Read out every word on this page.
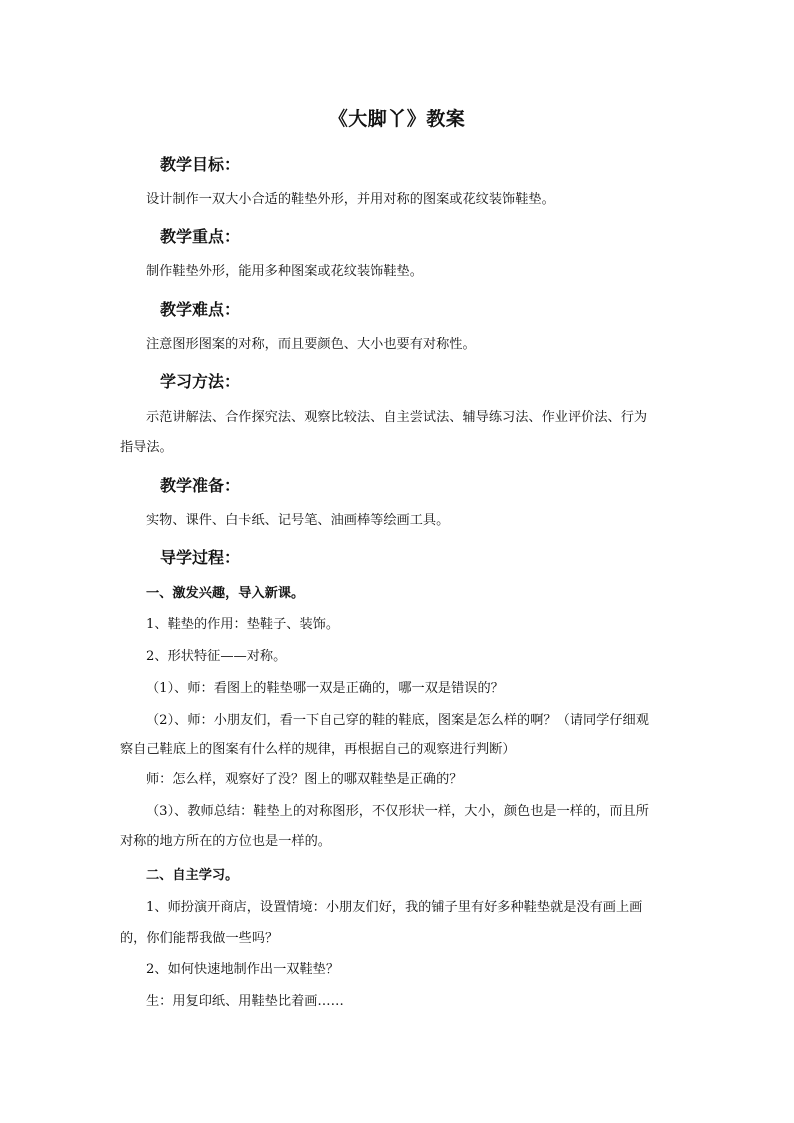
《大脚丫》教案
教学目标：
设计制作一双大小合适的鞋垫外形，并用对称的图案或花纹装饰鞋垫。
教学重点：
制作鞋垫外形，能用多种图案或花纹装饰鞋垫。
教学难点：
注意图形图案的对称，而且要颜色、大小也要有对称性。
学习方法：
示范讲解法、合作探究法、观察比较法、自主尝试法、辅导练习法、作业评价法、行为
指导法。
教学准备：
实物、课件、白卡纸、记号笔、油画棒等绘画工具。
导学过程：
一、激发兴趣，导入新课。
1、鞋垫的作用：垫鞋子、装饰。
2、形状特征——对称。
（1）、师：看图上的鞋垫哪一双是正确的，哪一双是错误的？
（2）、师：小朋友们，看一下自己穿的鞋的鞋底，图案是怎么样的啊？（请同学仔细观
察自己鞋底上的图案有什么样的规律，再根据自己的观察进行判断）
师：怎么样，观察好了没？图上的哪双鞋垫是正确的？
（3）、教师总结：鞋垫上的对称图形，不仅形状一样，大小，颜色也是一样的，而且所
对称的地方所在的方位也是一样的。
二、自主学习。
1、师扮演开商店，设置情境：小朋友们好，我的铺子里有好多种鞋垫就是没有画上画
的，你们能帮我做一些吗？
2、如何快速地制作出一双鞋垫？
生：用复印纸、用鞋垫比着画……
